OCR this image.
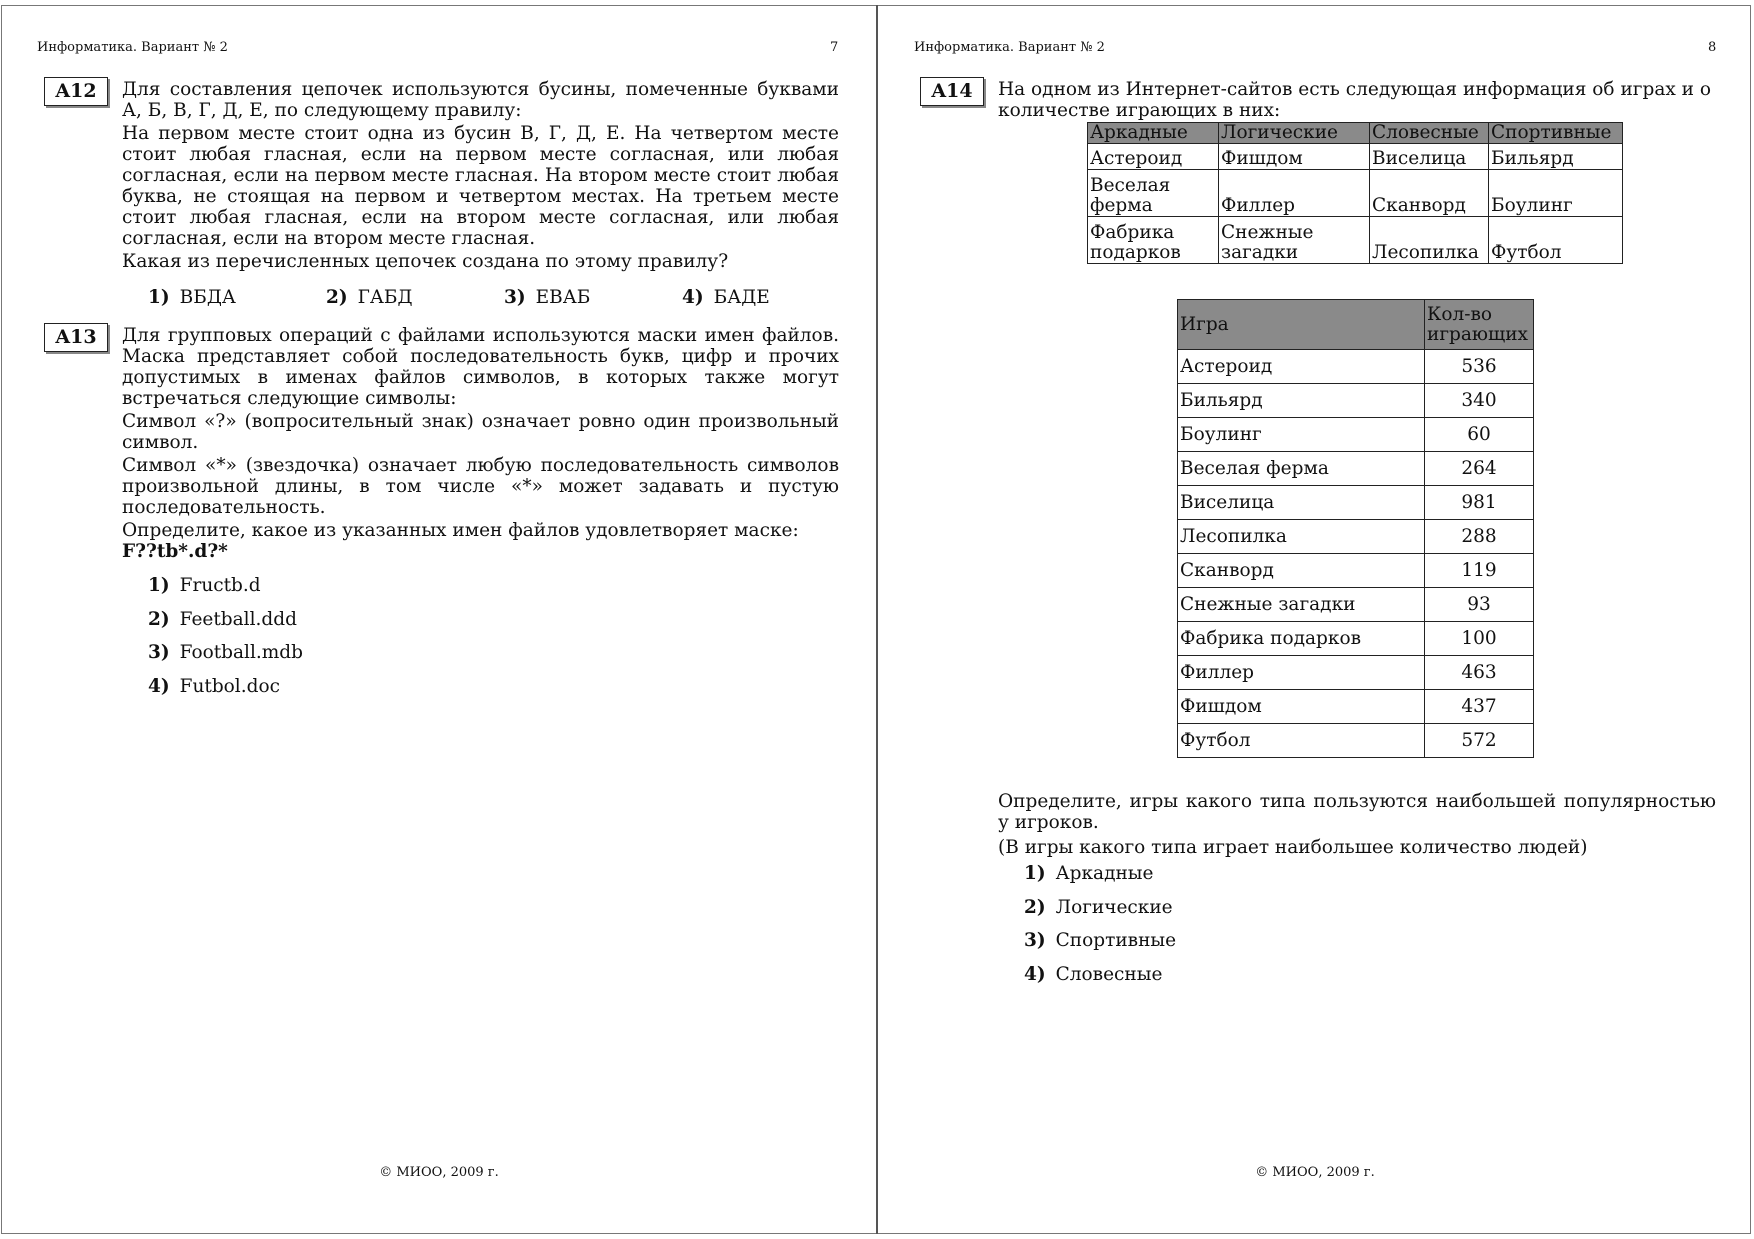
Информатика. Вариант № 2	7
A12	Для составления цепочек используются бусины, помеченные буквами А, Б, В, Г, Д, Е, по следующему правилу:

На первом месте стоит одна из бусин В, Г, Д, Е. На четвертом месте стоит любая гласная, если на первом месте согласная, или любая согласная, если на первом месте гласная. На втором месте стоит любая буква, не стоящая на первом и четвертом местах. На третьем месте стоит любая гласная, если на втором месте согласная, или любая согласная, если на втором месте гласная.

Какая из перечисленных цепочек создана по этому правилу?

1) ВБДА	2) ГАБД	3) ЕВАБ	4) БАДЕ
A13	Для групповых операций с файлами используются маски имен файлов. Маска представляет собой последовательность букв, цифр и прочих допустимых в именах файлов символов, в которых также могут встречаться следующие символы:

Символ «?» (вопросительный знак) означает ровно один произвольный символ.

Символ «*» (звездочка) означает любую последовательность символов произвольной длины, в том числе «*» может задавать и пустую последовательность.

Определите, какое из указанных имен файлов удовлетворяет маске:

F??tb*.d?*

1) Fructb.d
2) Feetball.ddd
3) Football.mdb
4) Futbol.doc
© МИОО, 2009 г.
Информатика. Вариант № 2	8
A14	На одном из Интернет-сайтов есть следующая информация об играх и о количестве играющих в них:
Аркадные	Логические	Словесные	Спортивные
Астероид	Фишдом	Виселица	Бильярд
Веселая ферма	Филлер	Сканворд	Боулинг
Фабрика подарков	Снежные загадки	Лесопилка	Футбол
Игра	Кол-во играющих
Астероид	536
Бильярд	340
Боулинг	60
Веселая ферма	264
Виселица	981
Лесопилка	288
Сканворд	119
Снежные загадки	93
Фабрика подарков	100
Филлер	463
Фишдом	437
Футбол	572
Определите, игры какого типа пользуются наибольшей популярностью у игроков.
(В игры какого типа играет наибольшее количество людей)
1) Аркадные
2) Логические
3) Спортивные
4) Словесные
© МИОО, 2009 г.
